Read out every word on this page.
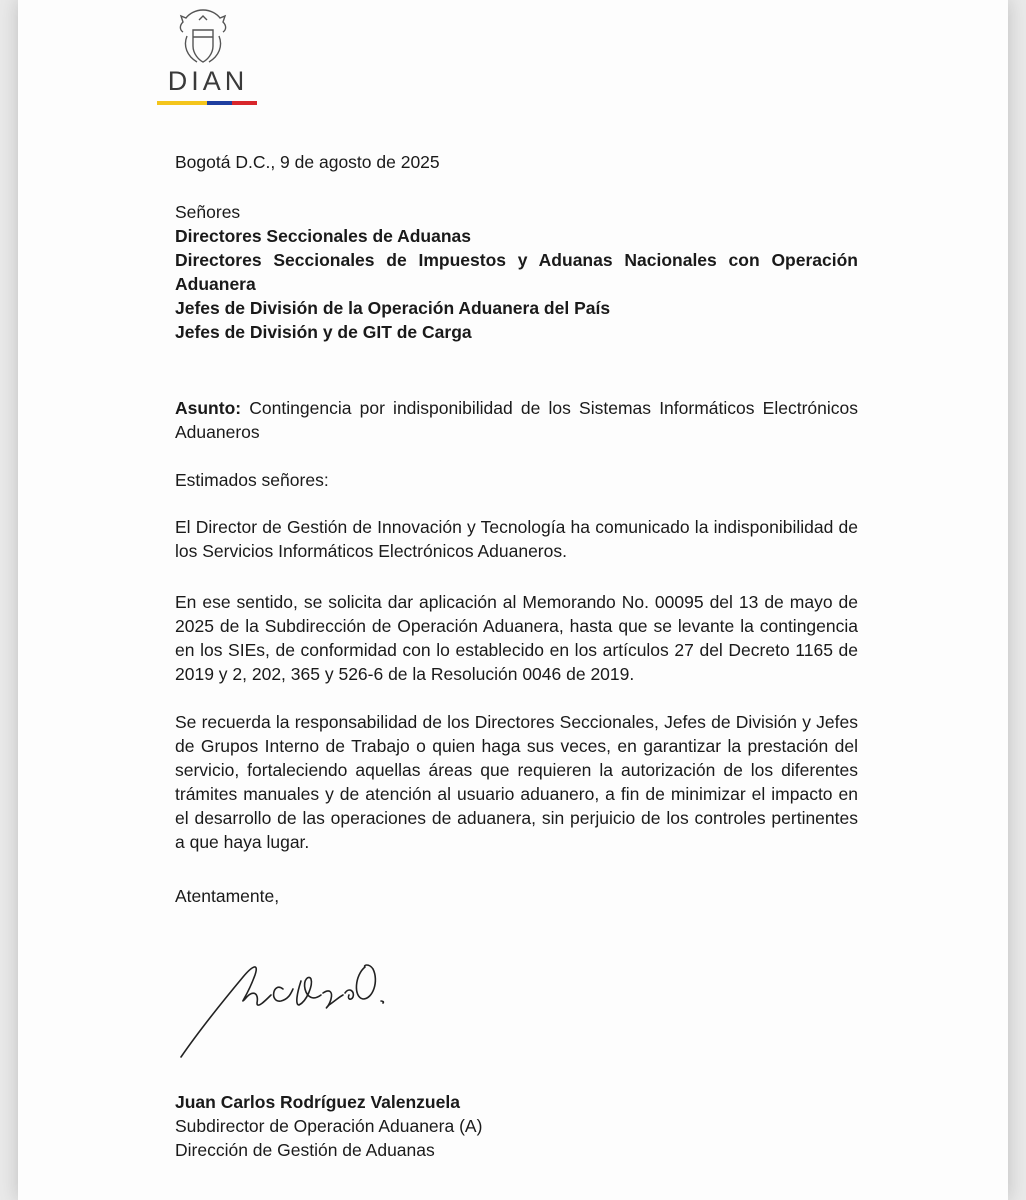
DIAN
Bogotá D.C., 9 de agosto de 2025
Señores
Directores Seccionales de Aduanas
Directores Seccionales de Impuestos y Aduanas Nacionales con Operación Aduanera
Jefes de División de la Operación Aduanera del País
Jefes de División y de GIT de Carga
Asunto: Contingencia por indisponibilidad de los Sistemas Informáticos Electrónicos Aduaneros
Estimados señores:
El Director de Gestión de Innovación y Tecnología ha comunicado la indisponibilidad de los Servicios Informáticos Electrónicos Aduaneros.
En ese sentido, se solicita dar aplicación al Memorando No. 00095 del 13 de mayo de 2025 de la Subdirección de Operación Aduanera, hasta que se levante la contingencia en los SIEs, de conformidad con lo establecido en los artículos 27 del Decreto 1165 de 2019 y 2, 202, 365 y 526-6 de la Resolución 0046 de 2019.
Se recuerda la responsabilidad de los Directores Seccionales, Jefes de División y Jefes de Grupos Interno de Trabajo o quien haga sus veces, en garantizar la prestación del servicio, fortaleciendo aquellas áreas que requieren la autorización de los diferentes trámites manuales y de atención al usuario aduanero, a fin de minimizar el impacto en el desarrollo de las operaciones de aduanera, sin perjuicio de los controles pertinentes a que haya lugar.
Atentamente,
Juan Carlos Rodríguez Valenzuela
Subdirector de Operación Aduanera (A)
Dirección de Gestión de Aduanas
